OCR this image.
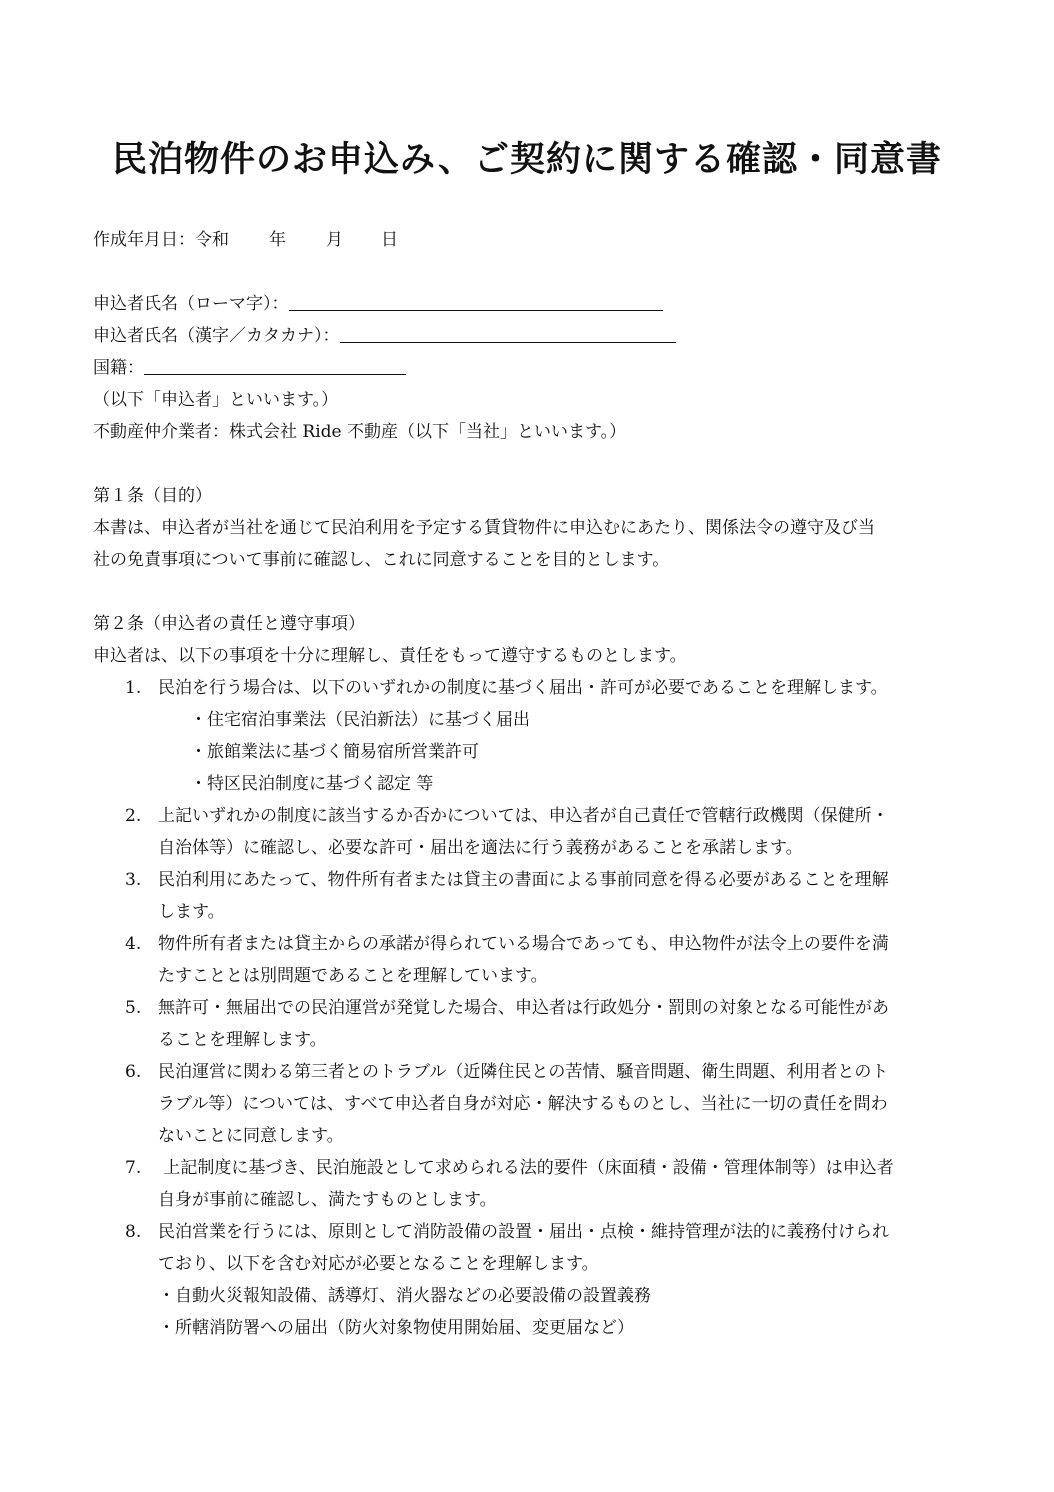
民泊物件のお申込み、ご契約に関する確認・同意書
作成年月日：令和 年 月 日
申込者氏名（ローマ字）：
申込者氏名（漢字／カタカナ）：
国籍：
（以下「申込者」といいます。）
不動産仲介業者：株式会社 Ride 不動産（以下「当社」といいます。）
第１条（目的）
本書は、申込者が当社を通じて民泊利用を予定する賃貸物件に申込むにあたり、関係法令の遵守及び当
社の免責事項について事前に確認し、これに同意することを目的とします。
第２条（申込者の責任と遵守事項）
申込者は、以下の事項を十分に理解し、責任をもって遵守するものとします。
1. 民泊を行う場合は、以下のいずれかの制度に基づく届出・許可が必要であることを理解します。
・住宅宿泊事業法（民泊新法）に基づく届出
・旅館業法に基づく簡易宿所営業許可
・特区民泊制度に基づく認定 等
2. 上記いずれかの制度に該当するか否かについては、申込者が自己責任で管轄行政機関（保健所・
自治体等）に確認し、必要な許可・届出を適法に行う義務があることを承諾します。
3. 民泊利用にあたって、物件所有者または貸主の書面による事前同意を得る必要があることを理解
します。
4. 物件所有者または貸主からの承諾が得られている場合であっても、申込物件が法令上の要件を満
たすこととは別問題であることを理解しています。
5. 無許可・無届出での民泊運営が発覚した場合、申込者は行政処分・罰則の対象となる可能性があ
ることを理解します。
6. 民泊運営に関わる第三者とのトラブル（近隣住民との苦情、騒音問題、衛生問題、利用者とのト
ラブル等）については、すべて申込者自身が対応・解決するものとし、当社に一切の責任を問わ
ないことに同意します。
7. 上記制度に基づき、民泊施設として求められる法的要件（床面積・設備・管理体制等）は申込者
自身が事前に確認し、満たすものとします。
8. 民泊営業を行うには、原則として消防設備の設置・届出・点検・維持管理が法的に義務付けられ
ており、以下を含む対応が必要となることを理解します。
・自動火災報知設備、誘導灯、消火器などの必要設備の設置義務
・所轄消防署への届出（防火対象物使用開始届、変更届など）
